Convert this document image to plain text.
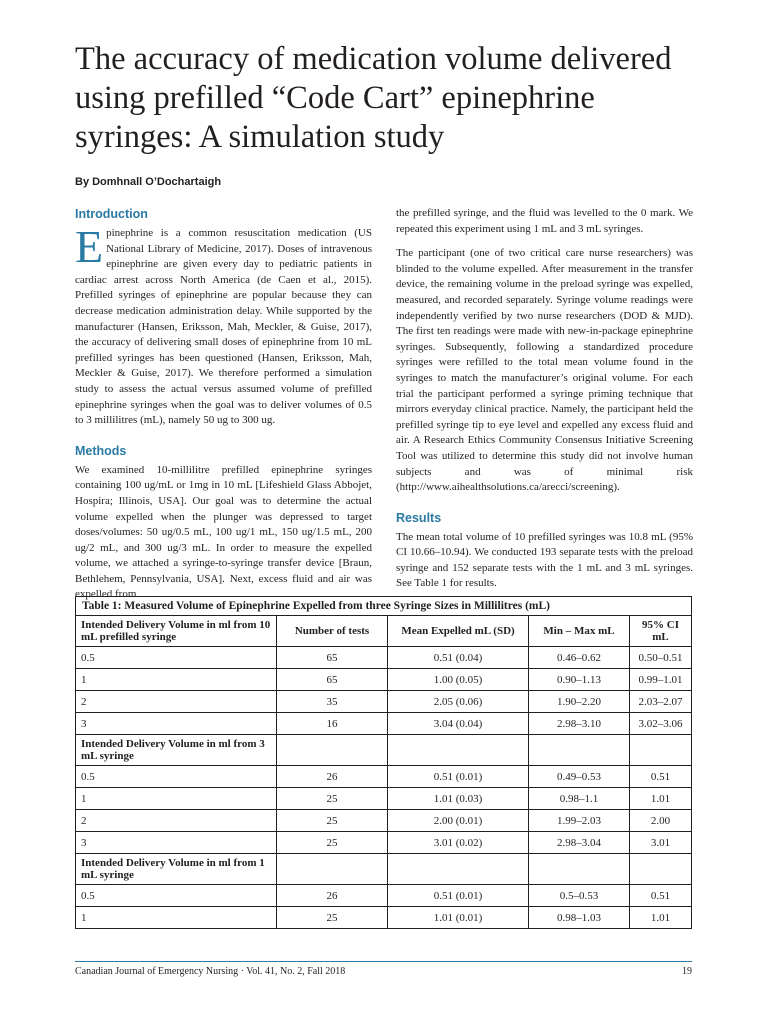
The accuracy of medication volume delivered using prefilled “Code Cart” epinephrine syringes: A simulation study
By Domhnall O’Dochartaigh
Introduction

Epinephrine is a common resuscitation medication (US National Library of Medicine, 2017). Doses of intravenous epinephrine are given every day to pediatric patients in cardiac arrest across North America (de Caen et al., 2015). Prefilled syringes of epinephrine are popular because they can decrease medication administration delay. While supported by the manufacturer (Hansen, Eriksson, Mah, Meckler, & Guise, 2017), the accuracy of delivering small doses of epinephrine from 10 mL prefilled syringes has been questioned (Hansen, Eriksson, Mah, Meckler & Guise, 2017). We therefore performed a simulation study to assess the actual versus assumed volume of prefilled epinephrine syringes when the goal was to deliver volumes of 0.5 to 3 millilitres (mL), namely 50 ug to 300 ug.

Methods

We examined 10-millilitre prefilled epinephrine syringes containing 100 ug/mL or 1mg in 10 mL [Lifeshield Glass Abbojet, Hospira; Illinois, USA]. Our goal was to determine the actual volume expelled when the plunger was depressed to target doses/volumes: 50 ug/0.5 mL, 100 ug/1 mL, 150 ug/1.5 mL, 200 ug/2 mL, and 300 ug/3 mL. In order to measure the expelled volume, we attached a syringe-to-syringe transfer device [Braun, Bethlehem, Pennsylvania, USA]. Next, excess fluid and air was expelled from

the prefilled syringe, and the fluid was levelled to the 0 mark. We repeated this experiment using 1 mL and 3 mL syringes.

The participant (one of two critical care nurse researchers) was blinded to the volume expelled. After measurement in the transfer device, the remaining volume in the preload syringe was expelled, measured, and recorded separately. Syringe volume readings were independently verified by two nurse researchers (DOD & MJD). The first ten readings were made with new-in-package epinephrine syringes. Subsequently, following a standardized procedure syringes were refilled to the total mean volume found in the syringes to match the manufacturer’s original volume. For each trial the participant performed a syringe priming technique that mirrors everyday clinical practice. Namely, the participant held the prefilled syringe tip to eye level and expelled any excess fluid and air. A Research Ethics Community Consensus Initiative Screening Tool was utilized to determine this study did not involve human subjects and was of minimal risk (http://www.aihealthsolutions.ca/arecci/screening).

Results

The mean total volume of 10 prefilled syringes was 10.8 mL (95% CI 10.66–10.94). We conducted 193 separate tests with the preload syringe and 152 separate tests with the 1 mL and 3 mL syringes. See Table 1 for results.

Table 1: Measured Volume of Epinephrine Expelled from three Syringe Sizes in Millilitres (mL)				
Intended Delivery Volume in ml from 10 mL prefilled syringe	Number of tests	Mean Expelled mL (SD)	Min – Max mL	95% CI mL
0.5	65	0.51 (0.04)	0.46–0.62	0.50–0.51
1	65	1.00 (0.05)	0.90–1.13	0.99–1.01
2	35	2.05 (0.06)	1.90–2.20	2.03–2.07
3	16	3.04 (0.04)	2.98–3.10	3.02–3.06
Intended Delivery Volume in ml from 3 mL syringe				
0.5	26	0.51 (0.01)	0.49–0.53	0.51
1	25	1.01 (0.03)	0.98–1.1	1.01
2	25	2.00 (0.01)	1.99–2.03	2.00
3	25	3.01 (0.02)	2.98–3.04	3.01
Intended Delivery Volume in ml from 1 mL syringe				
0.5	26	0.51 (0.01)	0.5–0.53	0.51
1	25	1.01 (0.01)	0.98–1.03	1.01
Canadian Journal of Emergency Nursing · Vol. 41, No. 2, Fall 2018	19
